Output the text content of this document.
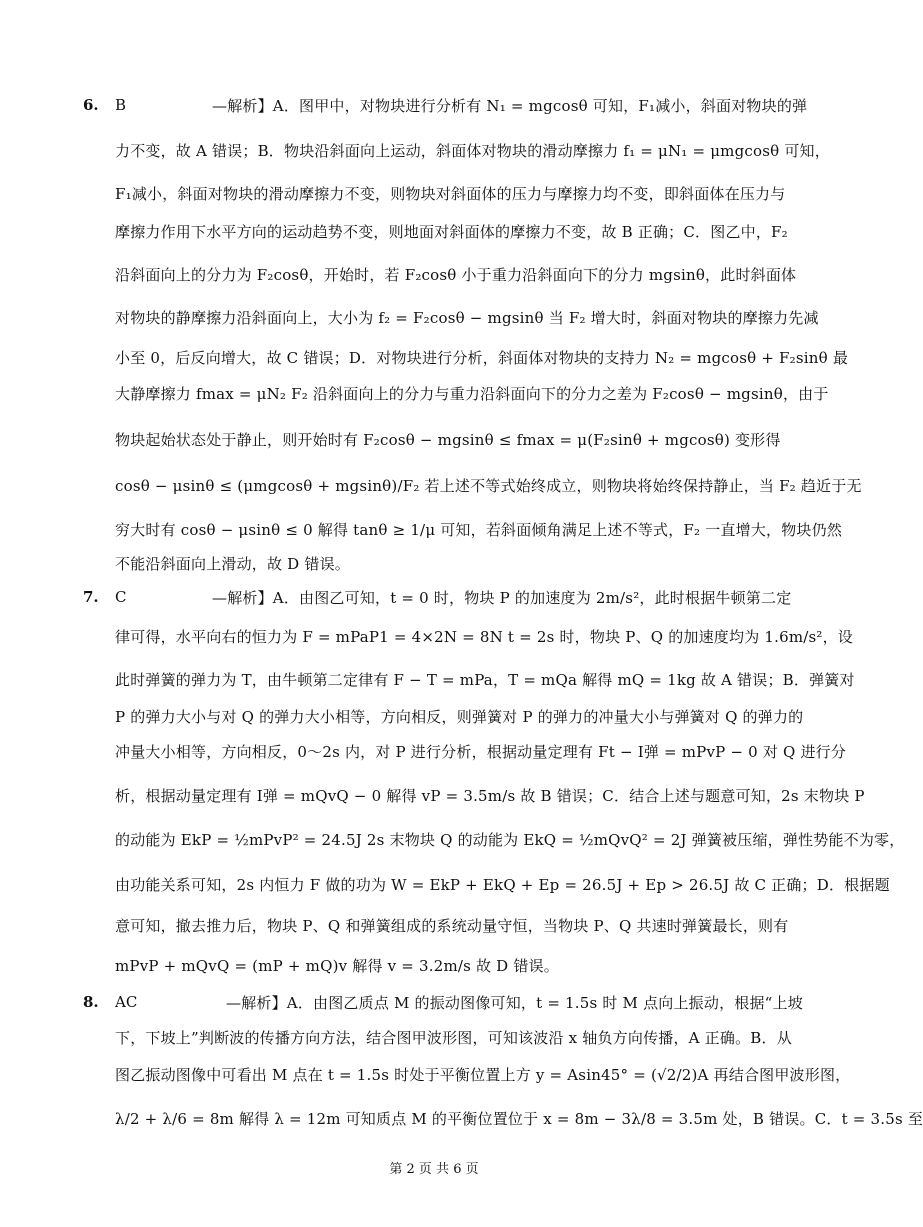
6. B	—解析】A．图甲中，对物块进行分析有 N₁ = mgcosθ 可知，F₁减小，斜面对物块的弹
力不变，故 A 错误；B．物块沿斜面向上运动，斜面体对物块的滑动摩擦力 f₁ = μN₁ = μmgcosθ 可知，
F₁减小，斜面对物块的滑动摩擦力不变，则物块对斜面体的压力与摩擦力均不变，即斜面体在压力与
摩擦力作用下水平方向的运动趋势不变，则地面对斜面体的摩擦力不变，故 B 正确；C．图乙中，F₂
沿斜面向上的分力为 F₂cosθ，开始时，若 F₂cosθ 小于重力沿斜面向下的分力 mgsinθ，此时斜面体
对物块的静摩擦力沿斜面向上，大小为 f₂ = F₂cosθ − mgsinθ 当 F₂ 增大时，斜面对物块的摩擦力先减
小至 0，后反向增大，故 C 错误；D．对物块进行分析，斜面体对物块的支持力 N₂ = mgcosθ + F₂sinθ 最
大静摩擦力 fmax = μN₂ F₂ 沿斜面向上的分力与重力沿斜面向下的分力之差为 F₂cosθ − mgsinθ，由于
物块起始状态处于静止，则开始时有 F₂cosθ − mgsinθ ≤ fmax = μ(F₂sinθ + mgcosθ) 变形得
cosθ − μsinθ ≤ (μmgcosθ + mgsinθ)/F₂ 若上述不等式始终成立，则物块将始终保持静止，当 F₂ 趋近于无
穷大时有 cosθ − μsinθ ≤ 0 解得 tanθ ≥ 1/μ 可知，若斜面倾角满足上述不等式，F₂ 一直增大，物块仍然
不能沿斜面向上滑动，故 D 错误。
7. C	—解析】A．由图乙可知，t = 0 时，物块 P 的加速度为 2m/s²，此时根据牛顿第二定
律可得，水平向右的恒力为 F = mPaP1 = 4×2N = 8N t = 2s 时，物块 P、Q 的加速度均为 1.6m/s²，设
此时弹簧的弹力为 T，由牛顿第二定律有 F − T = mPa，T = mQa 解得 mQ = 1kg 故 A 错误；B．弹簧对
P 的弹力大小与对 Q 的弹力大小相等，方向相反，则弹簧对 P 的弹力的冲量大小与弹簧对 Q 的弹力的
冲量大小相等，方向相反，0～2s 内，对 P 进行分析，根据动量定理有 Ft − I弹 = mPvP − 0 对 Q 进行分
析，根据动量定理有 I弹 = mQvQ − 0 解得 vP = 3.5m/s 故 B 错误；C．结合上述与题意可知，2s 末物块 P
的动能为 EkP = ½mPvP² = 24.5J 2s 末物块 Q 的动能为 EkQ = ½mQvQ² = 2J 弹簧被压缩，弹性势能不为零，
由功能关系可知，2s 内恒力 F 做的功为 W = EkP + EkQ + Ep = 26.5J + Ep > 26.5J 故 C 正确；D．根据题
意可知，撤去推力后，物块 P、Q 和弹簧组成的系统动量守恒，当物块 P、Q 共速时弹簧最长，则有
mPvP + mQvQ = (mP + mQ)v 解得 v = 3.2m/s 故 D 错误。
8. AC	—解析】A．由图乙质点 M 的振动图像可知，t = 1.5s 时 M 点向上振动，根据“上坡
下，下坡上”判断波的传播方向方法，结合图甲波形图，可知该波沿 x 轴负方向传播，A 正确。B．从
图乙振动图像中可看出 M 点在 t = 1.5s 时处于平衡位置上方 y = Asin45° = (√2/2)A 再结合图甲波形图，
λ/2 + λ/6 = 8m 解得 λ = 12m 可知质点 M 的平衡位置位于 x = 8m − 3λ/8 = 3.5m 处，B 错误。C．t = 3.5s 至
第 2 页 共 6 页
